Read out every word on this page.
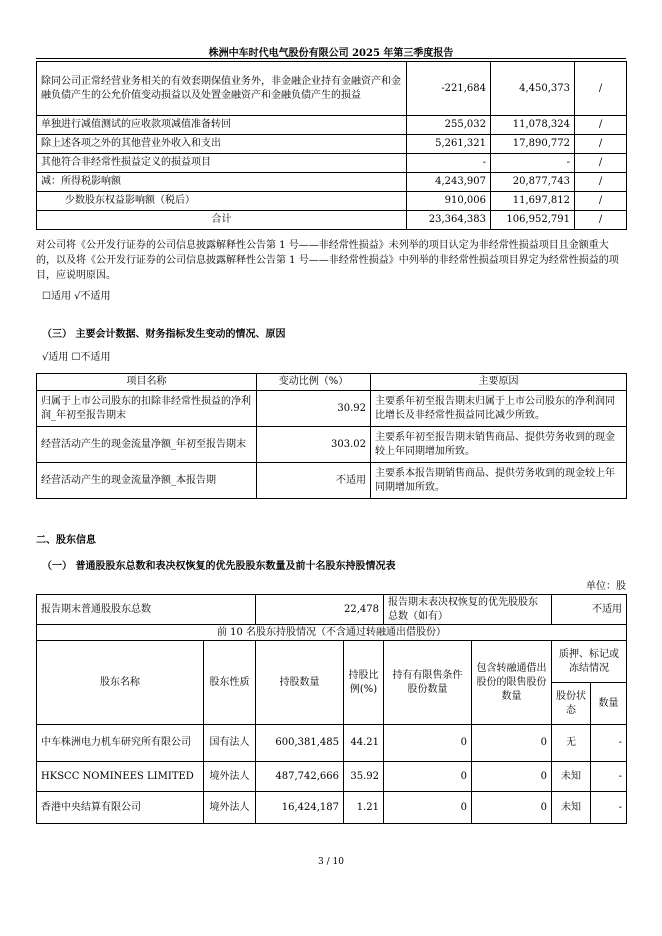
株洲中车时代电气股份有限公司 2025 年第三季度报告
除同公司正常经营业务相关的有效套期保值业务外，非金融企业持有金融资产和金融负债产生的公允价值变动损益以及处置金融资产和金融负债产生的损益	-221,684	4,450,373	/
单独进行减值测试的应收款项减值准备转回	255,032	11,078,324	/
除上述各项之外的其他营业外收入和支出	5,261,321	17,890,772	/
其他符合非经常性损益定义的损益项目	-	-	/
减：所得税影响额	4,243,907	20,877,743	/
少数股东权益影响额（税后）	910,006	11,697,812	/
合计	23,364,383	106,952,791	/
对公司将《公开发行证券的公司信息披露解释性公告第 1 号——非经常性损益》未列举的项目认定为非经常性损益项目且金额重大的，以及将《公开发行证券的公司信息披露解释性公告第 1 号——非经常性损益》中列举的非经常性损益项目界定为经常性损益的项目，应说明原因。
☐适用 √不适用
（三） 主要会计数据、财务指标发生变动的情况、原因
√适用 ☐不适用
项目名称	变动比例（%）	主要原因
归属于上市公司股东的扣除非经常性损益的净利润_年初至报告期末	30.92	主要系年初至报告期末归属于上市公司股东的净利润同比增长及非经常性损益同比减少所致。
经营活动产生的现金流量净额_年初至报告期末	303.02	主要系年初至报告期末销售商品、提供劳务收到的现金较上年同期增加所致。
经营活动产生的现金流量净额_本报告期	不适用	主要系本报告期销售商品、提供劳务收到的现金较上年同期增加所致。
二、股东信息
（一） 普通股股东总数和表决权恢复的优先股股东数量及前十名股东持股情况表
单位：股
报告期末普通股股东总数		22,478		报告期末表决权恢复的优先股股东总数（如有）		不适用	
前 10 名股东持股情况（不含通过转融通出借股份）							
股东名称	股东性质	持股数量	持股比例(%)	持有有限售条件股份数量	包含转融通借出股份的限售股份数量	质押、标记或冻结情况	
						股份状态	数量
中车株洲电力机车研究所有限公司	国有法人	600,381,485	44.21	0	0	无	-
HKSCC NOMINEES LIMITED	境外法人	487,742,666	35.92	0	0	未知	-
香港中央结算有限公司	境外法人	16,424,187	1.21	0	0	未知	-
3 / 10
